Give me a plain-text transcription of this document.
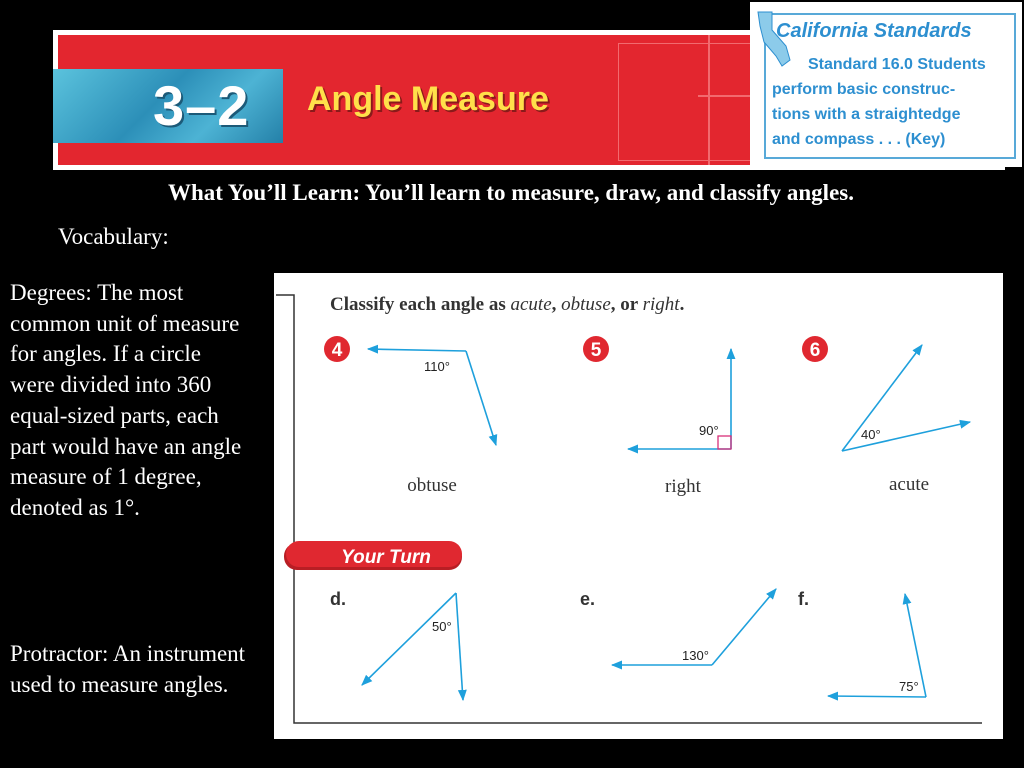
3–2 Angle Measure
California Standards
Standard 16.0 Students
perform basic construc-
tions with a straightedge
and compass . . . (Key)
What You’ll Learn: You’ll learn to measure, draw, and classify angles.
Vocabulary:
Degrees: The most common unit of measure for angles. If a circle were divided into 360 equal-sized parts, each part would have an angle measure of 1 degree, denoted as 1°.
Protractor: An instrument used to measure angles.
Classify each angle as acute, obtuse, or right.
4
110°
obtuse
5
90°
right
6
40°
acute
Your Turn
d.
50°
e.
130°
f.
75°
